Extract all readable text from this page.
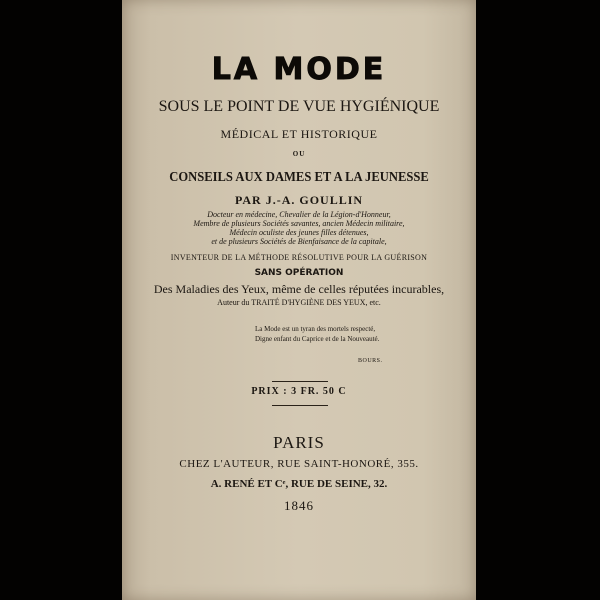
LA MODE

SOUS LE POINT DE VUE HYGIÉNIQUE

MÉDICAL ET HISTORIQUE

OU

CONSEILS AUX DAMES ET A LA JEUNESSE

PAR J.-A. GOULLIN

Docteur en médecine, Chevalier de la Légion-d'Honneur,
Membre de plusieurs Sociétés savantes, ancien Médecin militaire,
Médecin oculiste des jeunes filles détenues,
et de plusieurs Sociétés de Bienfaisance de la capitale,

INVENTEUR DE LA MÉTHODE RÉSOLUTIVE POUR LA GUÉRISON

SANS OPÉRATION

Des Maladies des Yeux, même de celles réputées incurables,

Auteur du TRAITÉ D'HYGIÈNE DES YEUX, etc.

La Mode est un tyran des mortels respecté,
Digne enfant du Caprice et de la Nouveauté.
BOURS.

PRIX : 3 FR. 50 C

PARIS

CHEZ L'AUTEUR, RUE SAINT-HONORÉ, 355.

A. RENÉ ET Cᵉ, RUE DE SEINE, 32.

1846
